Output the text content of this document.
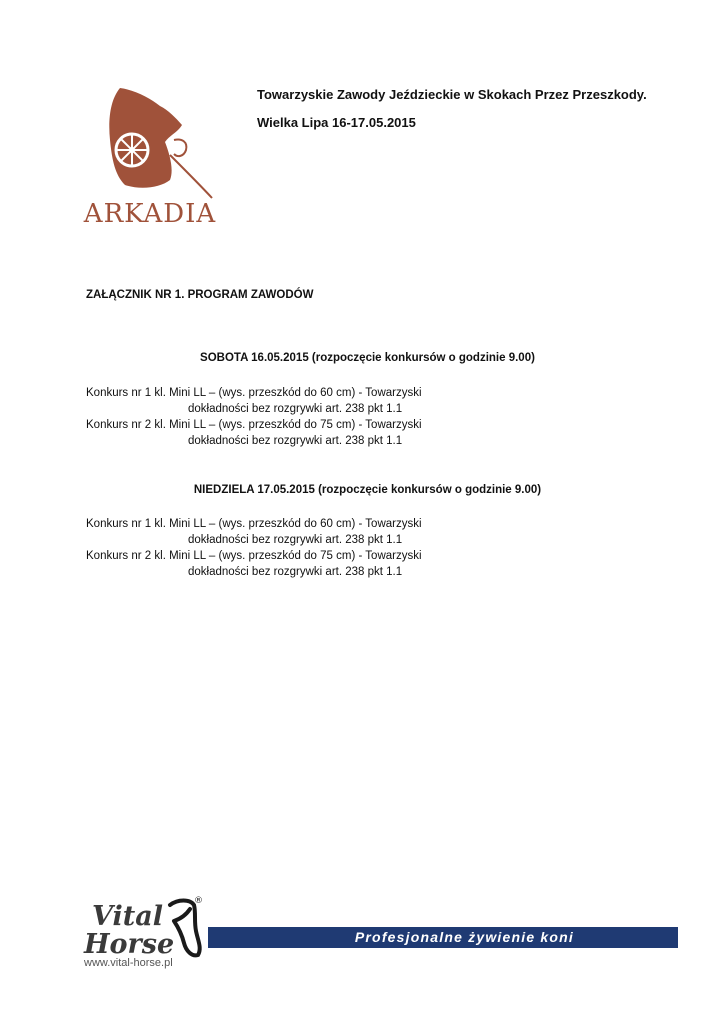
ARKADIA
Towarzyskie Zawody Jeździeckie w Skokach Przez Przeszkody.
Wielka Lipa 16-17.05.2015
ZAŁĄCZNIK NR 1. PROGRAM ZAWODÓW
SOBOTA 16.05.2015 (rozpoczęcie konkursów o godzinie 9.00)
Konkurs nr 1 kl. Mini LL – (wys. przeszkód do 60 cm) - Towarzyski
dokładności bez rozgrywki art. 238 pkt 1.1
Konkurs nr 2 kl. Mini LL – (wys. przeszkód do 75 cm) - Towarzyski
dokładności bez rozgrywki art. 238 pkt 1.1
NIEDZIELA 17.05.2015 (rozpoczęcie konkursów o godzinie 9.00)
Konkurs nr 1 kl. Mini LL – (wys. przeszkód do 60 cm) - Towarzyski
dokładności bez rozgrywki art. 238 pkt 1.1
Konkurs nr 2 kl. Mini LL – (wys. przeszkód do 75 cm) - Towarzyski
dokładności bez rozgrywki art. 238 pkt 1.1
Vital
Horse
®
Profesjonalne żywienie koni
www.vital-horse.pl
